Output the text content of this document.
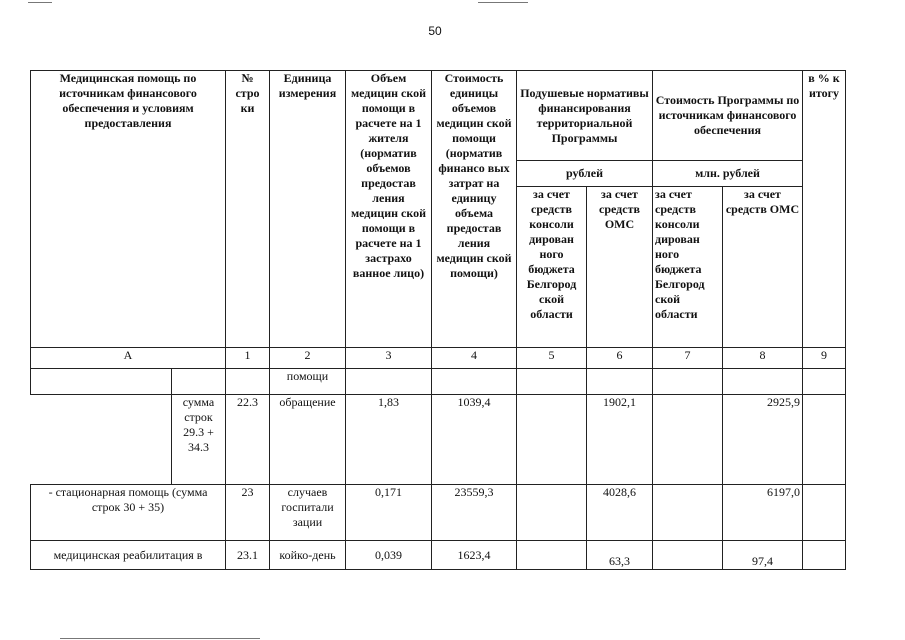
50
Медицинская помощь по источникам финансового обеспечения и условиям предоставления		№ стро ки	Единица измерения	Объем медицин ской помощи в расчете на 1 жителя (норматив объемов предостав ления медицин ской помощи в расчете на 1 застрахо ванное лицо)	Стоимость единицы объемов медицин ской помощи (норматив финансо вых затрат на единицу объема предостав ления медицин ской помощи)	Подушевые нормативы финансирования территориальной Программы		Стоимость Программы по источникам финансового обеспечения		в % к итогу
						рублей		млн. рублей		
						за счет средств консоли дирован ного бюджета Белгород ской области	за счет средств ОМС	за счет средств консоли дирован ного бюджета Белгород ской области	за счет средств ОМС	
А		1	2	3	4	5	6	7	8	9
			помощи							
	сумма строк 29.3 + 34.3	22.3	обращение	1,83	1039,4		1902,1		2925,9	
- стационарная помощь (сумма строк 30 + 35)		23	случаев госпитали зации	0,171	23559,3		4028,6		6197,0	
медицинская реабилитация в		23.1	койко-день	0,039	1623,4		63,3		97,4	
